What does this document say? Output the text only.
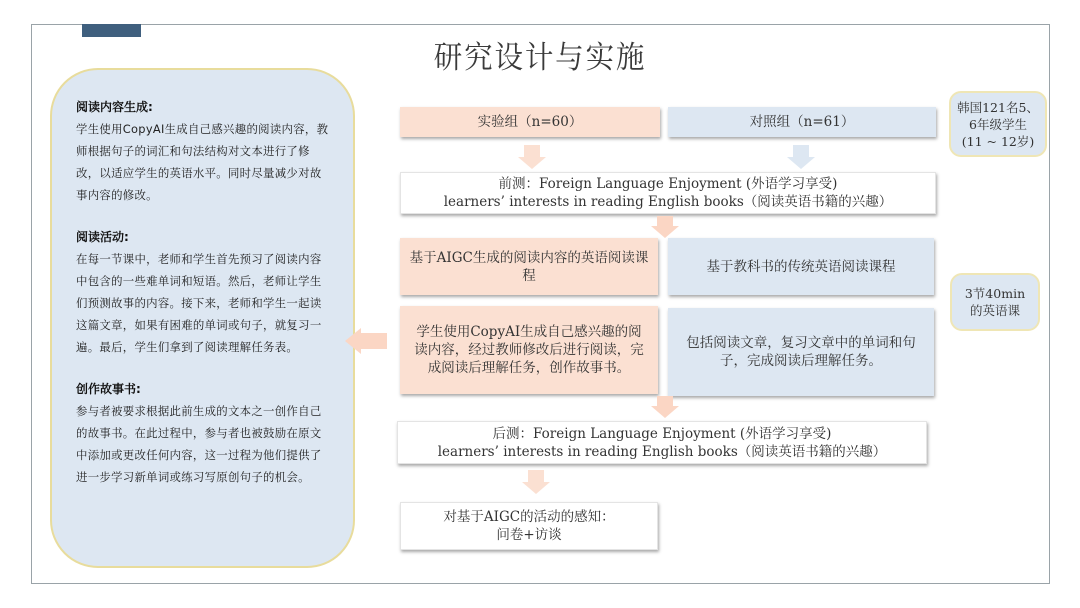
研究设计与实施
阅读内容生成:
学生使用CopyAI生成自己感兴趣的阅读内容，教师根据句子的词汇和句法结构对文本进行了修改，以适应学生的英语水平。同时尽量减少对故事内容的修改。
阅读活动:
在每一节课中，老师和学生首先预习了阅读内容中包含的一些难单词和短语。然后，老师让学生们预测故事的内容。接下来，老师和学生一起读这篇文章，如果有困难的单词或句子，就复习一遍。最后，学生们拿到了阅读理解任务表。
创作故事书:
参与者被要求根据此前生成的文本之一创作自己的故事书。在此过程中，参与者也被鼓励在原文中添加或更改任何内容，这一过程为他们提供了进一步学习新单词或练习写原创句子的机会。
实验组（n=60）	对照组（n=61）
前测：Foreign Language Enjoyment (外语学习享受)
learners’ interests in reading English books（阅读英语书籍的兴趣）
基于AIGC生成的阅读内容的英语阅读课程
基于教科书的传统英语阅读课程
学生使用CopyAI生成自己感兴趣的阅读内容，经过教师修改后进行阅读，完成阅读后理解任务，创作故事书。
包括阅读文章，复习文章中的单词和句子，完成阅读后理解任务。
后测：Foreign Language Enjoyment (外语学习享受)
learners’ interests in reading English books（阅读英语书籍的兴趣）
对基于AIGC的活动的感知：
问卷+访谈
韩国121名5、
6年级学生
(11 ~ 12岁)
3节40min
的英语课
